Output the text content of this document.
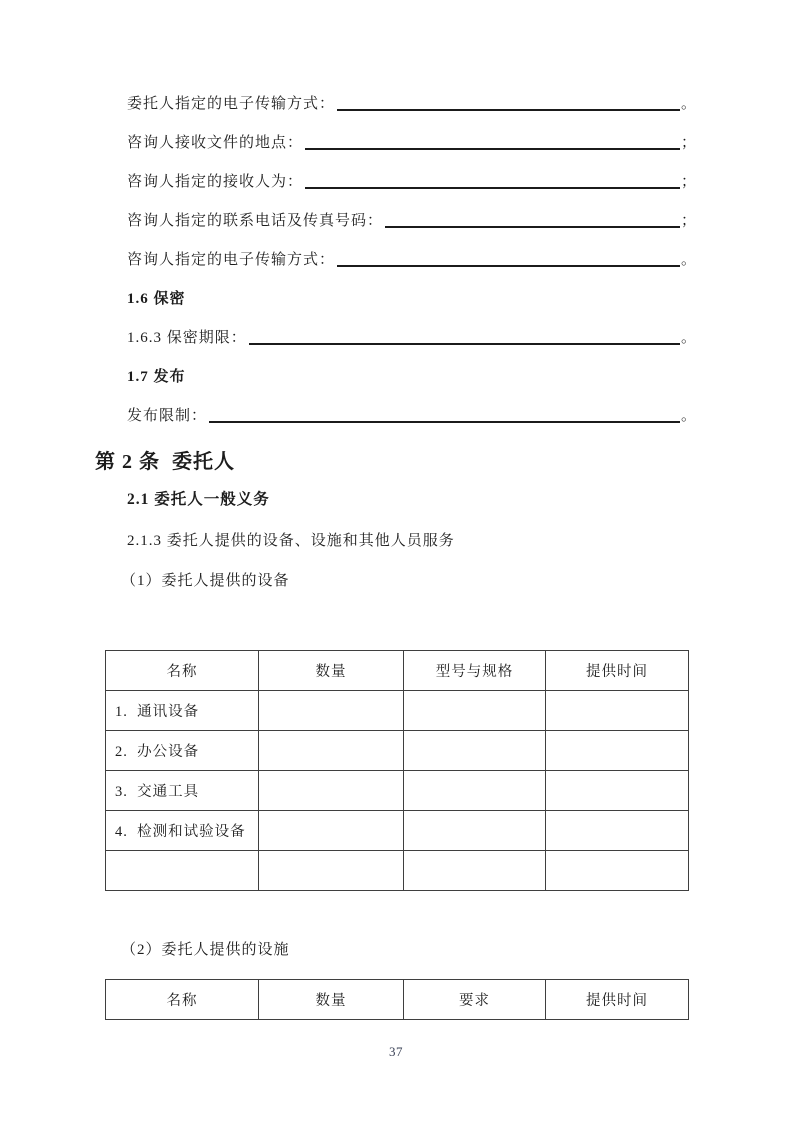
委托人指定的电子传输方式：	。
咨询人接收文件的地点：	；
咨询人指定的接收人为：	；
咨询人指定的联系电话及传真号码：	；
咨询人指定的电子传输方式：	。
1.6 保密
1.6.3 保密期限：	。
1.7 发布
发布限制：	。
第 2 条  委托人
2.1 委托人一般义务
2.1.3 委托人提供的设备、设施和其他人员服务
（1）委托人提供的设备
名称	数量	型号与规格	提供时间
1.  通讯设备			
2.  办公设备			
3.  交通工具			
4.  检测和试验设备			

（2）委托人提供的设施
名称	数量	要求	提供时间
37
